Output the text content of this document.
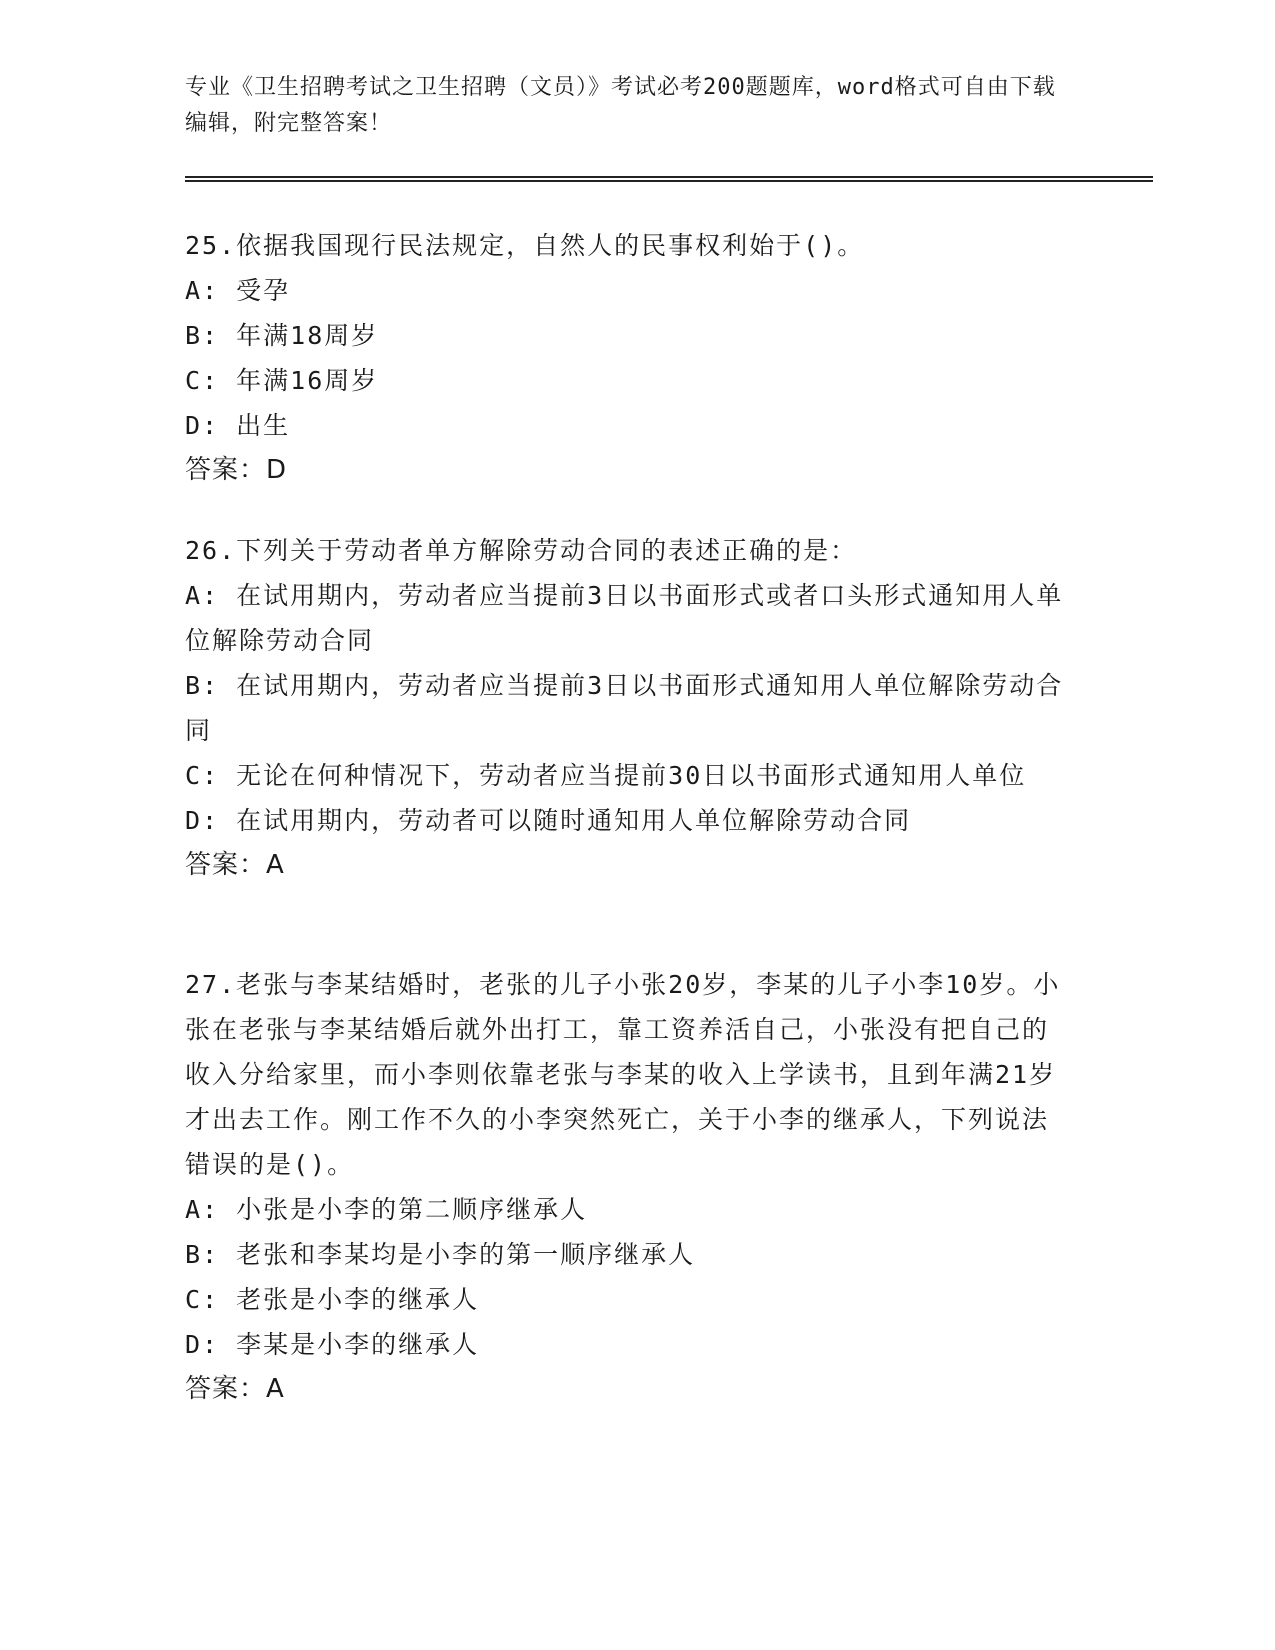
专业《卫生招聘考试之卫生招聘（文员）》考试必考200题题库，word格式可自由下载编辑，附完整答案！

25.依据我国现行民法规定，自然人的民事权利始于()。

A: 受孕

B: 年满18周岁

C: 年满16周岁

D: 出生

答案：D

26.下列关于劳动者单方解除劳动合同的表述正确的是：

A: 在试用期内，劳动者应当提前3日以书面形式或者口头形式通知用人单位解除劳动合同

B: 在试用期内，劳动者应当提前3日以书面形式通知用人单位解除劳动合同

C: 无论在何种情况下，劳动者应当提前30日以书面形式通知用人单位

D: 在试用期内，劳动者可以随时通知用人单位解除劳动合同

答案：A

27.老张与李某结婚时，老张的儿子小张20岁，李某的儿子小李10岁。小张在老张与李某结婚后就外出打工，靠工资养活自己，小张没有把自己的收入分给家里，而小李则依靠老张与李某的收入上学读书，且到年满21岁才出去工作。刚工作不久的小李突然死亡，关于小李的继承人，下列说法错误的是()。

A: 小张是小李的第二顺序继承人

B: 老张和李某均是小李的第一顺序继承人

C: 老张是小李的继承人

D: 李某是小李的继承人

答案：A
